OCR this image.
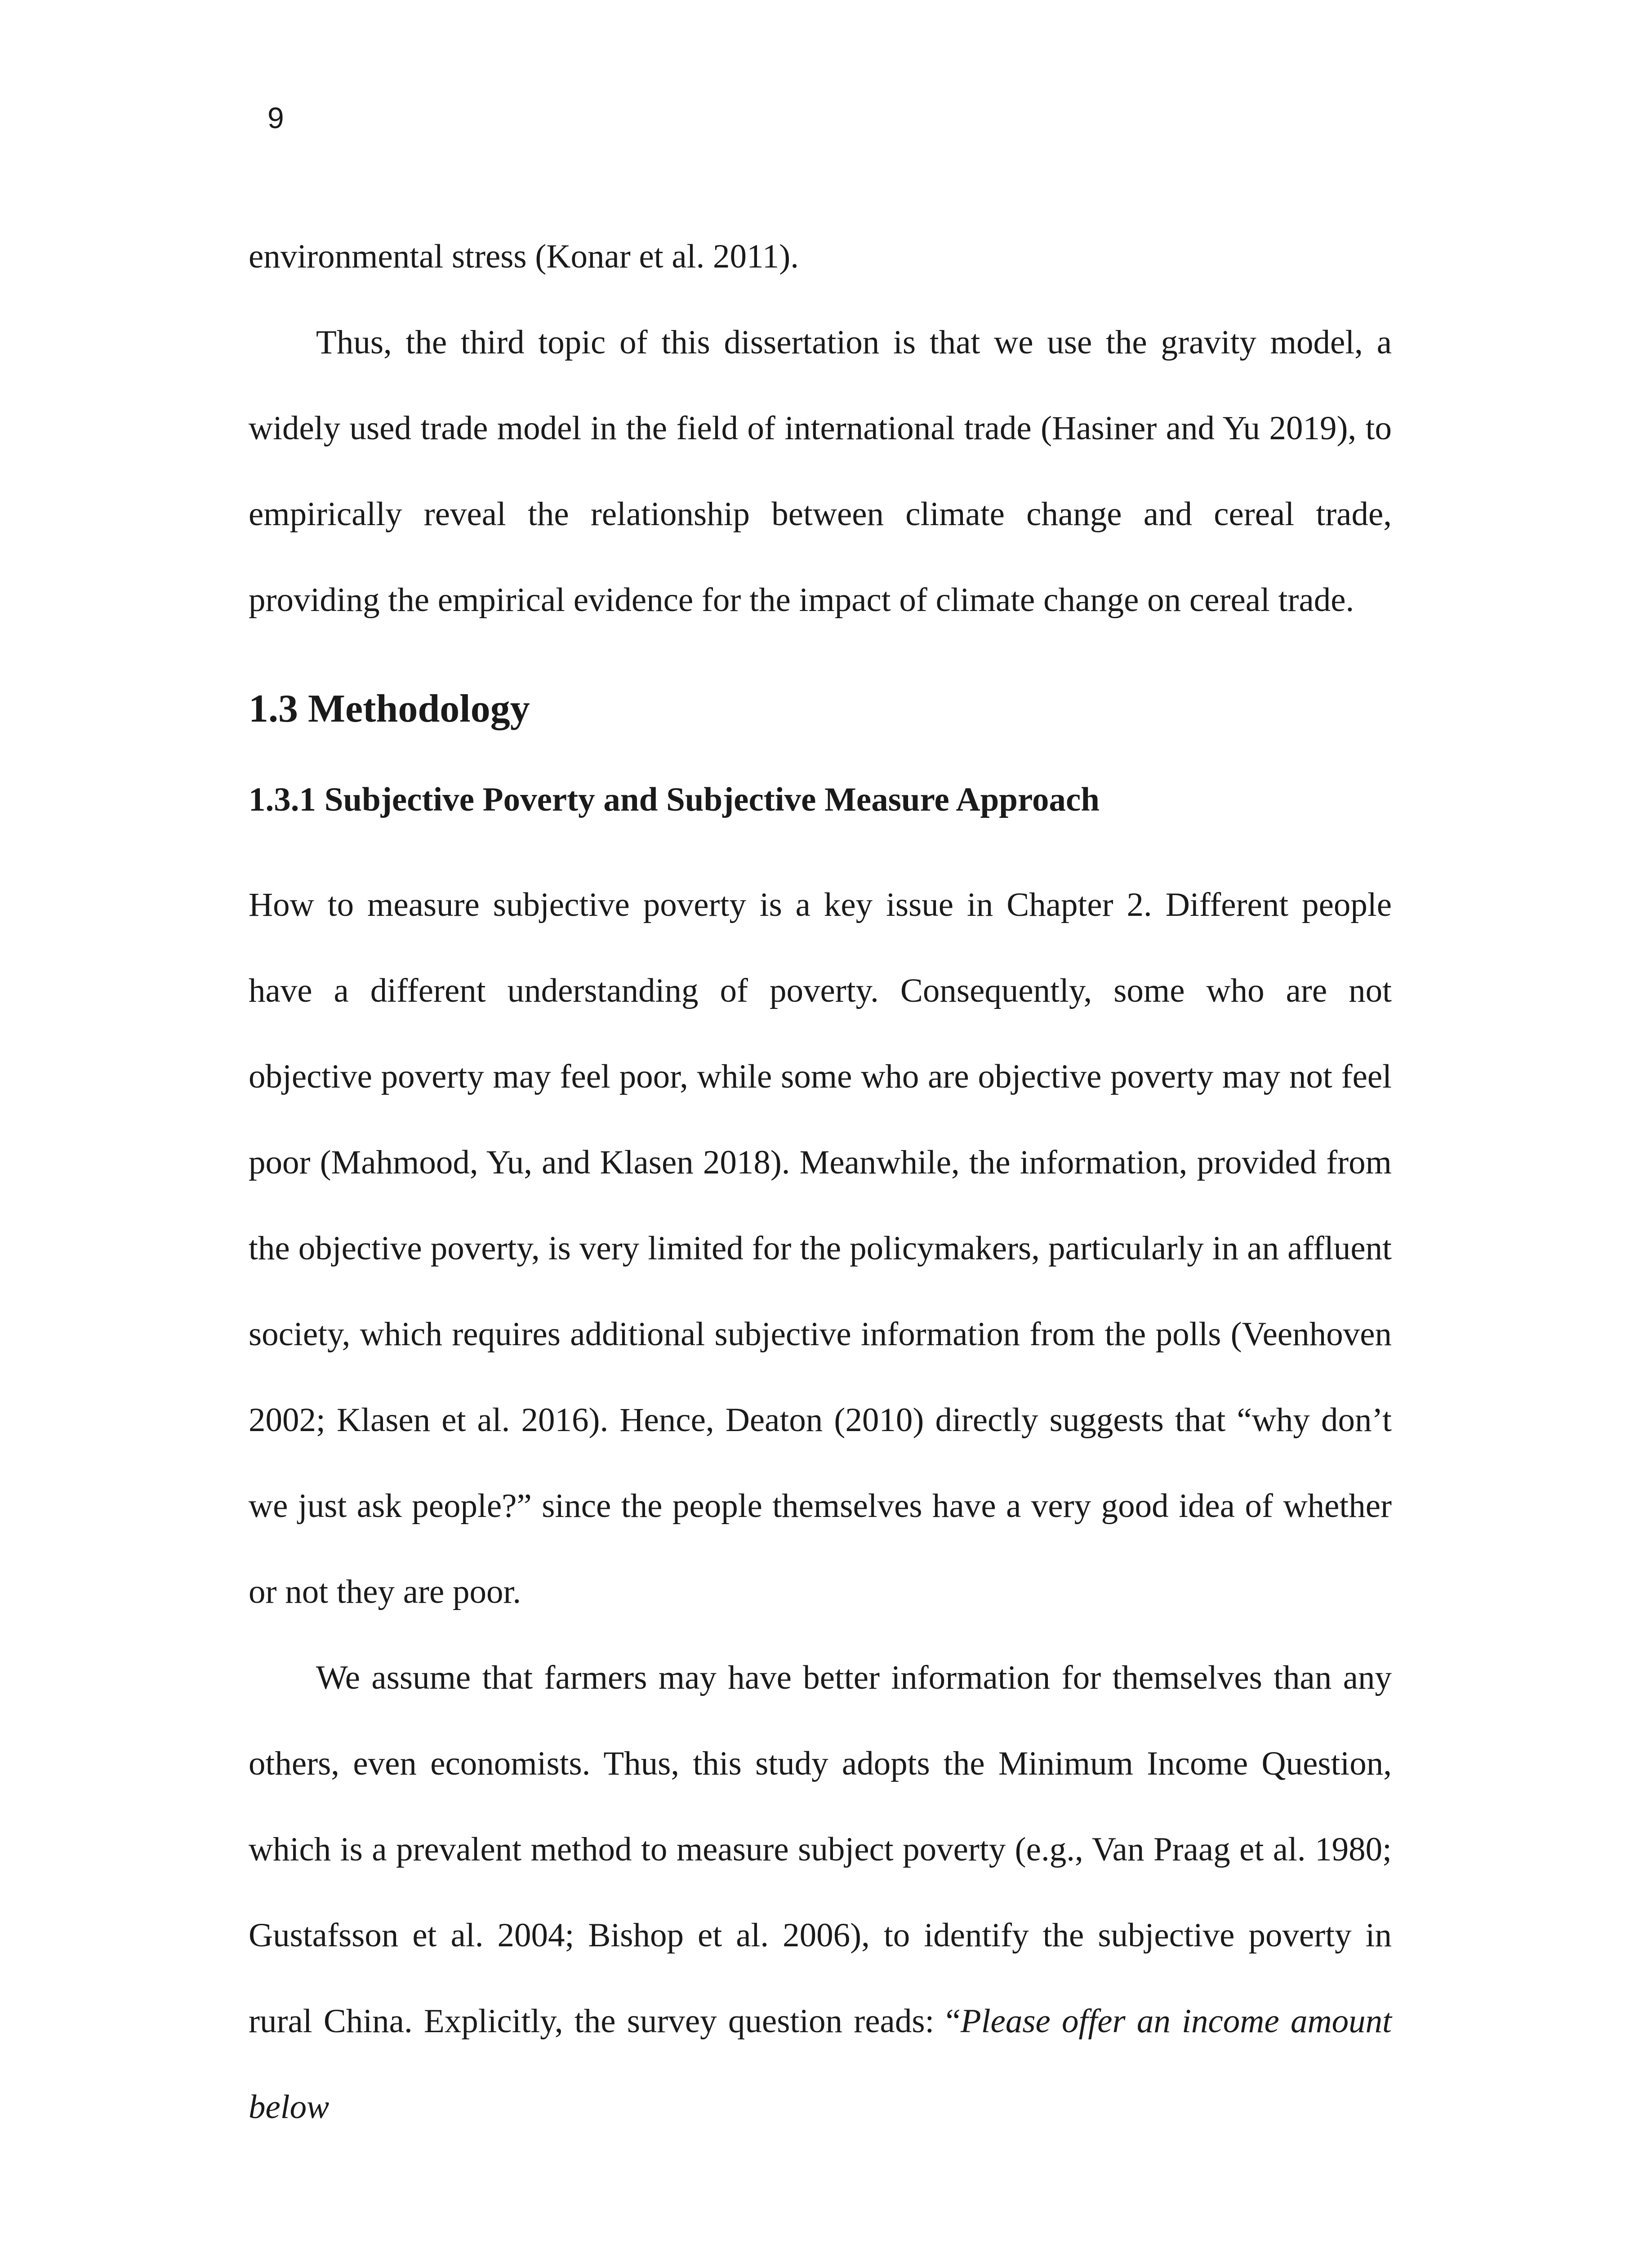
9

environmental stress (Konar et al. 2011).

Thus, the third topic of this dissertation is that we use the gravity model, a widely used trade model in the field of international trade (Hasiner and Yu 2019), to empirically reveal the relationship between climate change and cereal trade, providing the empirical evidence for the impact of climate change on cereal trade.

1.3 Methodology
1.3.1 Subjective Poverty and Subjective Measure Approach

How to measure subjective poverty is a key issue in Chapter 2. Different people have a different understanding of poverty. Consequently, some who are not objective poverty may feel poor, while some who are objective poverty may not feel poor (Mahmood, Yu, and Klasen 2018). Meanwhile, the information, provided from the objective poverty, is very limited for the policymakers, particularly in an affluent society, which requires additional subjective information from the polls (Veenhoven 2002; Klasen et al. 2016). Hence, Deaton (2010) directly suggests that “why don’t we just ask people?” since the people themselves have a very good idea of whether or not they are poor.

We assume that farmers may have better information for themselves than any others, even economists. Thus, this study adopts the Minimum Income Question, which is a prevalent method to measure subject poverty (e.g., Van Praag et al. 1980; Gustafsson et al. 2004; Bishop et al. 2006), to identify the subjective poverty in rural China. Explicitly, the survey question reads: “Please offer an income amount below
